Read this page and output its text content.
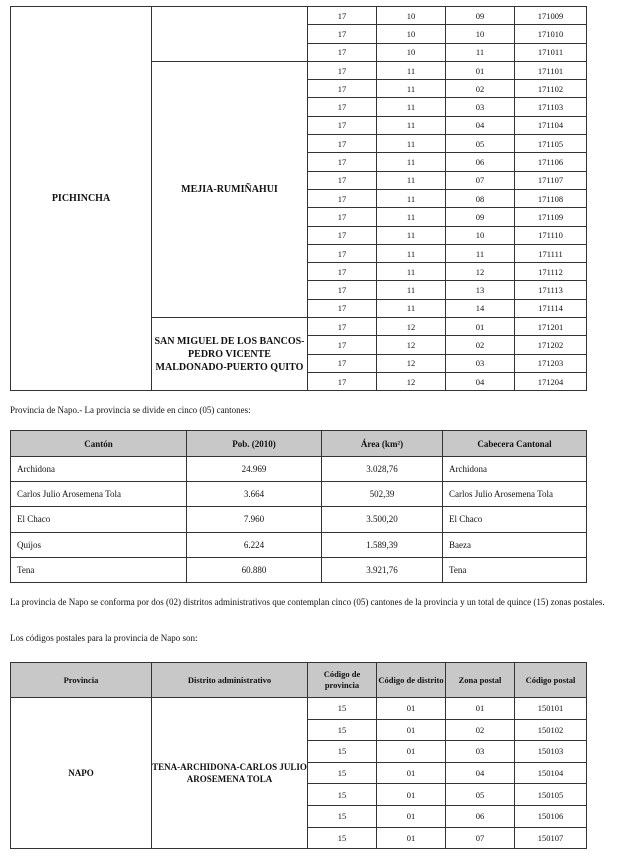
PICHINCHA		17	10	09	171009
		17	10	10	171010
		17	10	11	171011
	MEJIA-RUMIÑAHUI	17	11	01	171101
		17	11	02	171102
		17	11	03	171103
		17	11	04	171104
		17	11	05	171105
		17	11	06	171106
		17	11	07	171107
		17	11	08	171108
		17	11	09	171109
		17	11	10	171110
		17	11	11	171111
		17	11	12	171112
		17	11	13	171113
		17	11	14	171114
	SAN MIGUEL DE LOS BANCOS-PEDRO VICENTE MALDONADO-PUERTO QUITO	17	12	01	171201
		17	12	02	171202
		17	12	03	171203
		17	12	04	171204

Provincia de Napo.- La provincia se divide en cinco (05) cantones:

Cantón	Pob. (2010)	Área (km²)	Cabecera Cantonal
Archidona	24.969	3.028,76	Archidona
Carlos Julio Arosemena Tola	3.664	502,39	Carlos Julio Arosemena Tola
El Chaco	7.960	3.500,20	El Chaco
Quijos	6.224	1.589,39	Baeza
Tena	60.880	3.921,76	Tena

La provincia de Napo se conforma por dos (02) distritos administrativos que contemplan cinco (05) cantones de la provincia y un total de quince (15) zonas postales.

Los códigos postales para la provincia de Napo son:

Provincia	Distrito administrativo	Código de provincia	Código de distrito	Zona postal	Código postal
NAPO	TENA-ARCHIDONA-CARLOS JULIO AROSEMENA TOLA	15	01	01	150101
		15	01	02	150102
		15	01	03	150103
		15	01	04	150104
		15	01	05	150105
		15	01	06	150106
		15	01	07	150107
